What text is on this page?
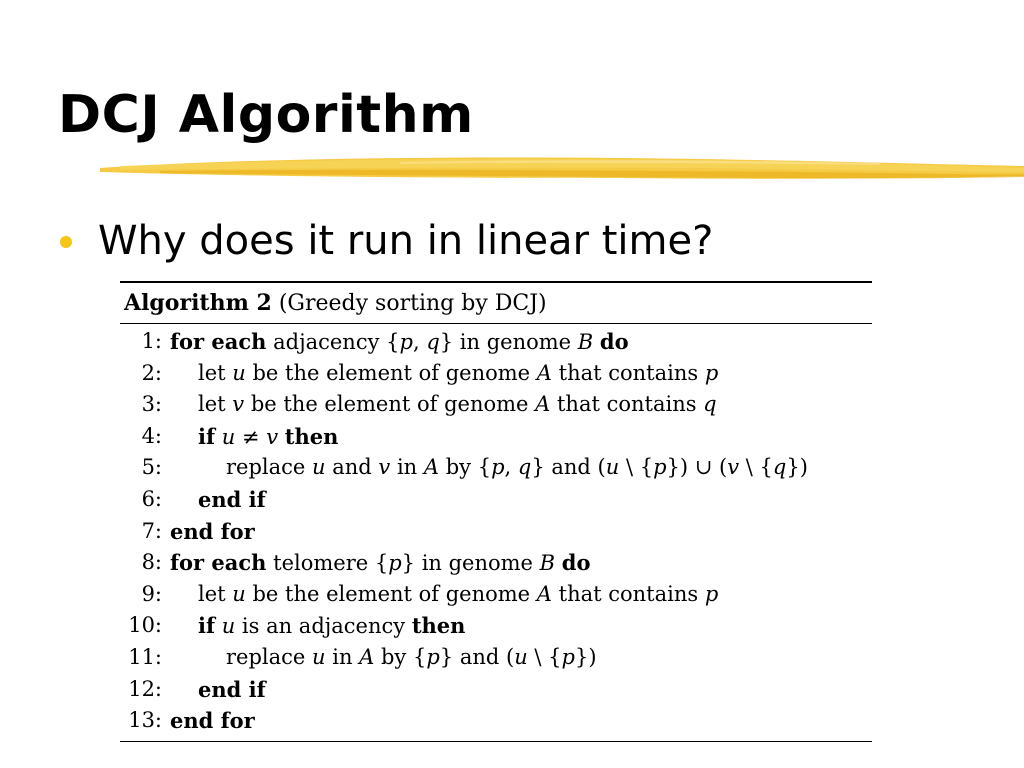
DCJ Algorithm
Why does it run in linear time?
Algorithm 2 (Greedy sorting by DCJ)
1: for each adjacency {p, q} in genome B do
2:	let u be the element of genome A that contains p
3:	let v be the element of genome A that contains q
4:	if u ≠ v then
5:	replace u and v in A by {p, q} and (u \ {p}) ∪ (v \ {q})
6:	end if
7: end for
8: for each telomere {p} in genome B do
9:	let u be the element of genome A that contains p
10:	if u is an adjacency then
11:	replace u in A by {p} and (u \ {p})
12:	end if
13: end for
